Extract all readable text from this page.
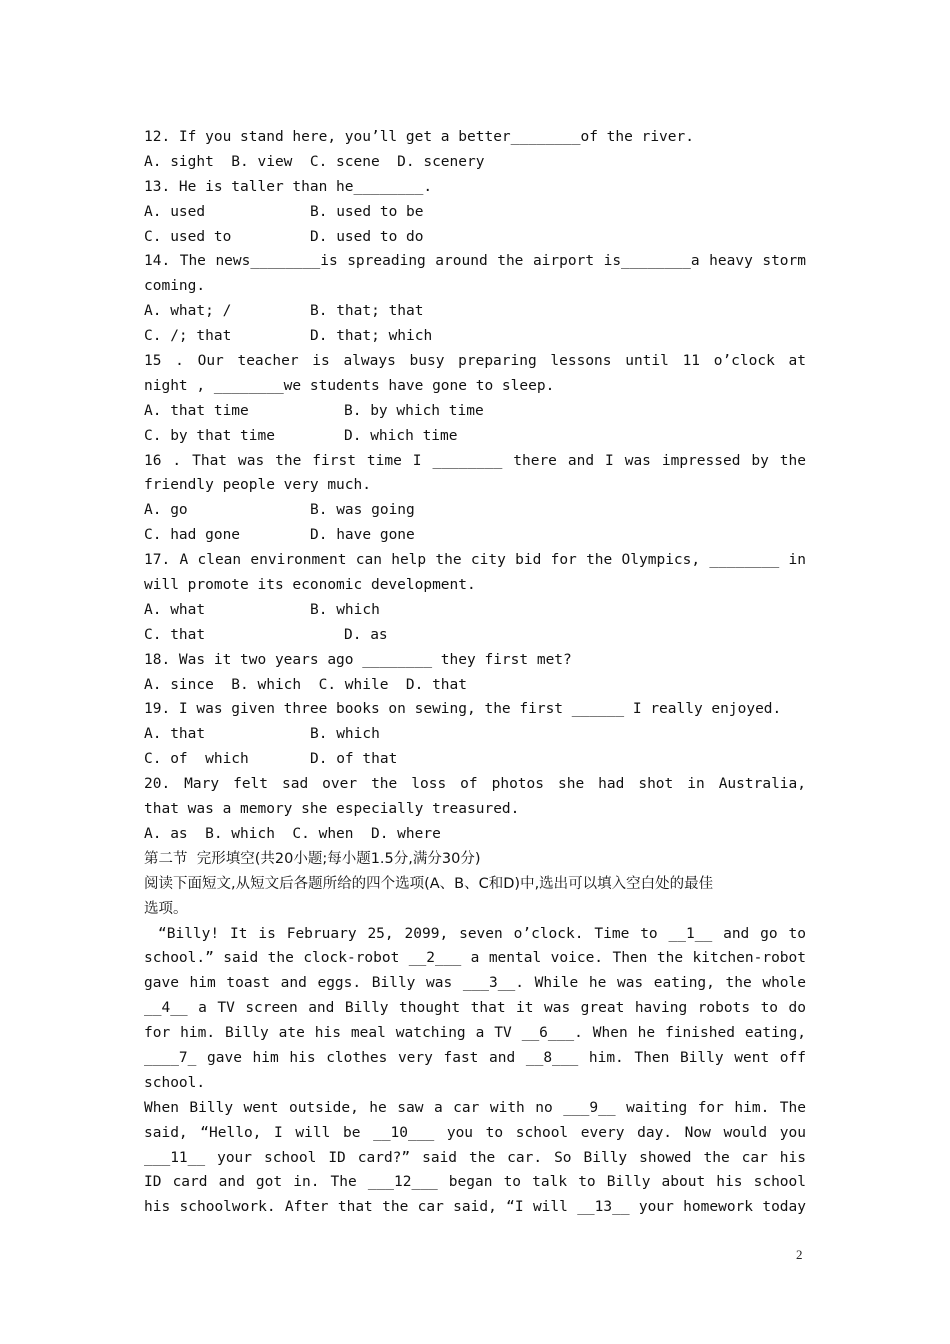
12. If you stand here, you’ll get a better________of the river.
A. sight  B. view  C. scene  D. scenery
13. He is taller than he________.
A. used	B. used to be
C. used to	D. used to do
14. The news________is spreading around the airport is________a heavy storm
coming.
A. what; /	B. that; that
C. /; that	D. that; which
15 . Our teacher is always busy preparing lessons until 11 o’clock at
night , ________we students have gone to sleep.
A. that time	B. by which time
C. by that time	D. which time
16 . That was the first time I ________ there and I was impressed by the
friendly people very much.
A. go	B. was going
C. had gone	D. have gone
17. A clean environment can help the city bid for the Olympics, ________ in
will promote its economic development.
A. what	B. which
C. that	D. as
18. Was it two years ago ________ they first met?
A. since  B. which  C. while  D. that
19. I was given three books on sewing, the first ______ I really enjoyed.
A. that	B. which
C. of  which	D. of that
20. Mary felt sad over the loss of photos she had shot in Australia,
that was a memory she especially treasured.
A. as  B. which  C. when  D. where
第二节  完形填空(共20小题;每小题1.5分,满分30分)
阅读下面短文,从短文后各题所给的四个选项(A、B、C和D)中,选出可以填入空白处的最佳
选项。
“Billy! It is February 25, 2099, seven o’clock. Time to __1__ and go to
school.” said the clock-robot __2___ a mental voice. Then the kitchen-robot
gave him toast and eggs. Billy was ___3__. While he was eating, the whole
__4__ a TV screen and Billy thought that it was great having robots to do
for him. Billy ate his meal watching a TV __6___. When he finished eating,
____7_ gave him his clothes very fast and __8___ him. Then Billy went off
school.
When Billy went outside, he saw a car with no ___9__ waiting for him. The
said, “Hello, I will be __10___ you to school every day. Now would you
___11__ your school ID card?” said the car. So Billy showed the car his
ID card and got in. The ___12___ began to talk to Billy about his school
his schoolwork. After that the car said, “I will __13__ your homework today
2
